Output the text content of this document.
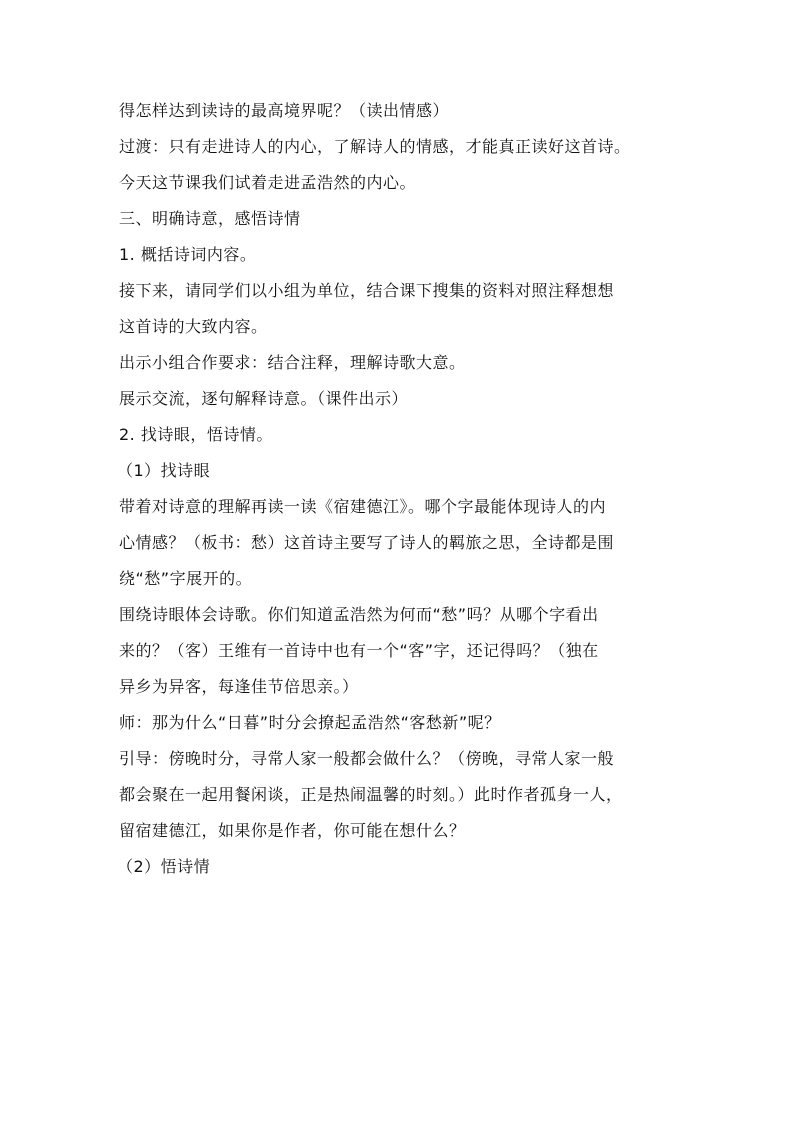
得怎样达到读诗的最高境界呢？（读出情感）

过渡：只有走进诗人的内心，了解诗人的情感，才能真正读好这首诗。

今天这节课我们试着走进孟浩然的内心。

三、明确诗意，感悟诗情

1. 概括诗词内容。

接下来，请同学们以小组为单位，结合课下搜集的资料对照注释想想

这首诗的大致内容。

出示小组合作要求：结合注释，理解诗歌大意。

展示交流，逐句解释诗意。（课件出示）

2. 找诗眼，悟诗情。

（1）找诗眼

带着对诗意的理解再读一读《宿建德江》。哪个字最能体现诗人的内

心情感？（板书：愁）这首诗主要写了诗人的羁旅之思，全诗都是围

绕“愁”字展开的。

围绕诗眼体会诗歌。你们知道孟浩然为何而“愁”吗？从哪个字看出

来的？（客）王维有一首诗中也有一个“客”字，还记得吗？（独在

异乡为异客，每逢佳节倍思亲。）

师：那为什么“日暮”时分会撩起孟浩然“客愁新”呢？

引导：傍晚时分，寻常人家一般都会做什么？（傍晚，寻常人家一般

都会聚在一起用餐闲谈，正是热闹温馨的时刻。）此时作者孤身一人，

留宿建德江，如果你是作者，你可能在想什么？

（2）悟诗情
